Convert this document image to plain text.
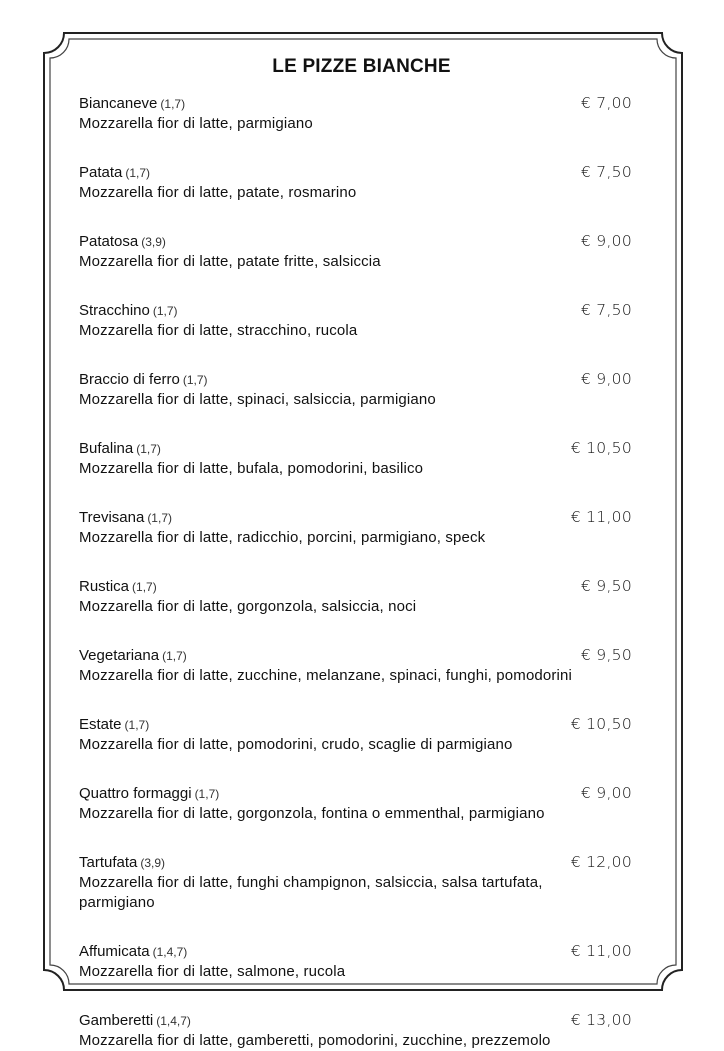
LE PIZZE BIANCHE
Biancaneve (1,7)	€ 7,00
Mozzarella fior di latte, parmigiano
Patata (1,7)	€ 7,50
Mozzarella fior di latte, patate, rosmarino
Patatosa (3,9)	€ 9,00
Mozzarella fior di latte, patate fritte, salsiccia
Stracchino (1,7)	€ 7,50
Mozzarella fior di latte, stracchino, rucola
Braccio di ferro (1,7)	€ 9,00
Mozzarella fior di latte, spinaci, salsiccia, parmigiano
Bufalina (1,7)	€ 10,50
Mozzarella fior di latte, bufala, pomodorini, basilico
Trevisana (1,7)	€ 11,00
Mozzarella fior di latte, radicchio, porcini, parmigiano, speck
Rustica (1,7)	€ 9,50
Mozzarella fior di latte, gorgonzola, salsiccia, noci
Vegetariana (1,7)	€ 9,50
Mozzarella fior di latte, zucchine, melanzane, spinaci, funghi, pomodorini
Estate (1,7)	€ 10,50
Mozzarella fior di latte, pomodorini, crudo, scaglie di parmigiano
Quattro formaggi (1,7)	€ 9,00
Mozzarella fior di latte, gorgonzola, fontina o emmenthal, parmigiano
Tartufata (3,9)	€ 12,00
Mozzarella fior di latte, funghi champignon, salsiccia, salsa tartufata,
parmigiano
Affumicata (1,4,7)	€ 11,00
Mozzarella fior di latte, salmone, rucola
Gamberetti (1,4,7)	€ 13,00
Mozzarella fior di latte, gamberetti, pomodorini, zucchine, prezzemolo
